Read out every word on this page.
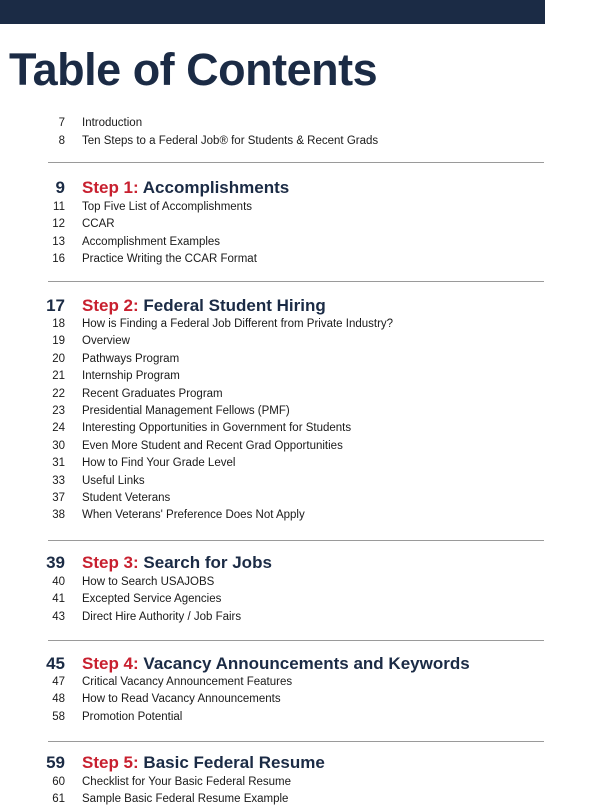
Table of Contents
7 Introduction
8 Ten Steps to a Federal Job® for Students & Recent Grads
9 Step 1: Accomplishments
11 Top Five List of Accomplishments
12 CCAR
13 Accomplishment Examples
16 Practice Writing the CCAR Format
17 Step 2: Federal Student Hiring
18 How is Finding a Federal Job Different from Private Industry?
19 Overview
20 Pathways Program
21 Internship Program
22 Recent Graduates Program
23 Presidential Management Fellows (PMF)
24 Interesting Opportunities in Government for Students
30 Even More Student and Recent Grad Opportunities
31 How to Find Your Grade Level
33 Useful Links
37 Student Veterans
38 When Veterans' Preference Does Not Apply
39 Step 3: Search for Jobs
40 How to Search USAJOBS
41 Excepted Service Agencies
43 Direct Hire Authority / Job Fairs
45 Step 4: Vacancy Announcements and Keywords
47 Critical Vacancy Announcement Features
48 How to Read Vacancy Announcements
58 Promotion Potential
59 Step 5: Basic Federal Resume
60 Checklist for Your Basic Federal Resume
61 Sample Basic Federal Resume Example
